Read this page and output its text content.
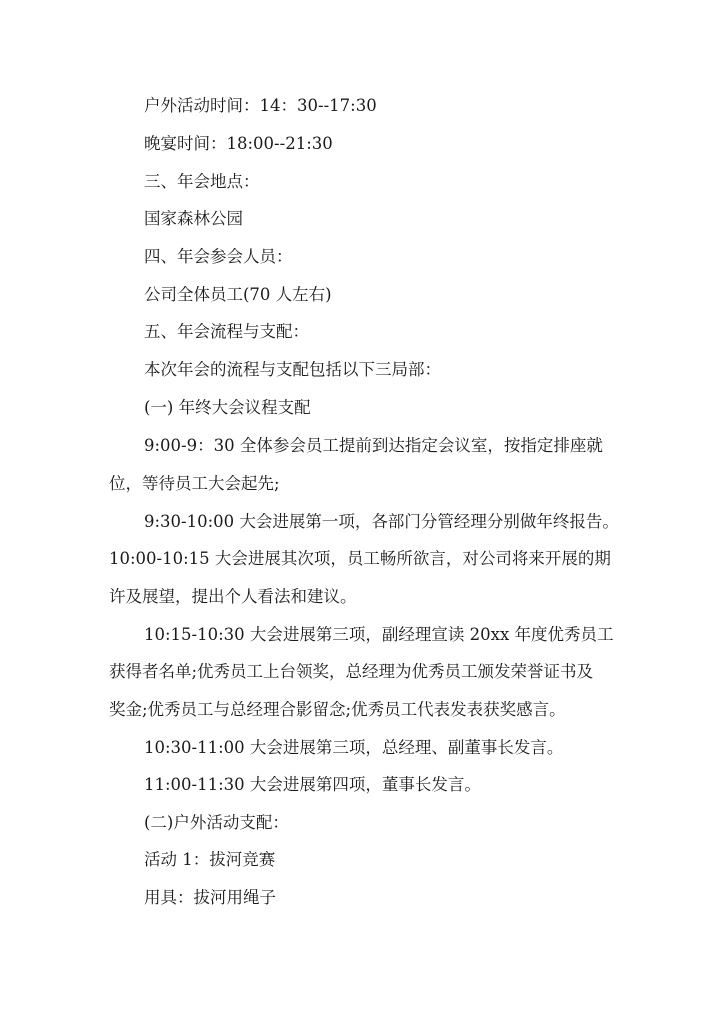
户外活动时间：14：30--17:30
晚宴时间：18:00--21:30
三、年会地点：
国家森林公园
四、年会参会人员：
公司全体员工(70 人左右)
五、年会流程与支配：
本次年会的流程与支配包括以下三局部：
(一) 年终大会议程支配
9:00-9：30 全体参会员工提前到达指定会议室，按指定排座就
位，等待员工大会起先;
9:30-10:00 大会进展第一项，各部门分管经理分别做年终报告。
10:00-10:15 大会进展其次项，员工畅所欲言，对公司将来开展的期
许及展望，提出个人看法和建议。
10:15-10:30 大会进展第三项，副经理宣读 20xx 年度优秀员工
获得者名单;优秀员工上台领奖，总经理为优秀员工颁发荣誉证书及
奖金;优秀员工与总经理合影留念;优秀员工代表发表获奖感言。
10:30-11:00 大会进展第三项，总经理、副董事长发言。
11:00-11:30 大会进展第四项，董事长发言。
(二)户外活动支配：
活动 1：拔河竞赛
用具：拔河用绳子
